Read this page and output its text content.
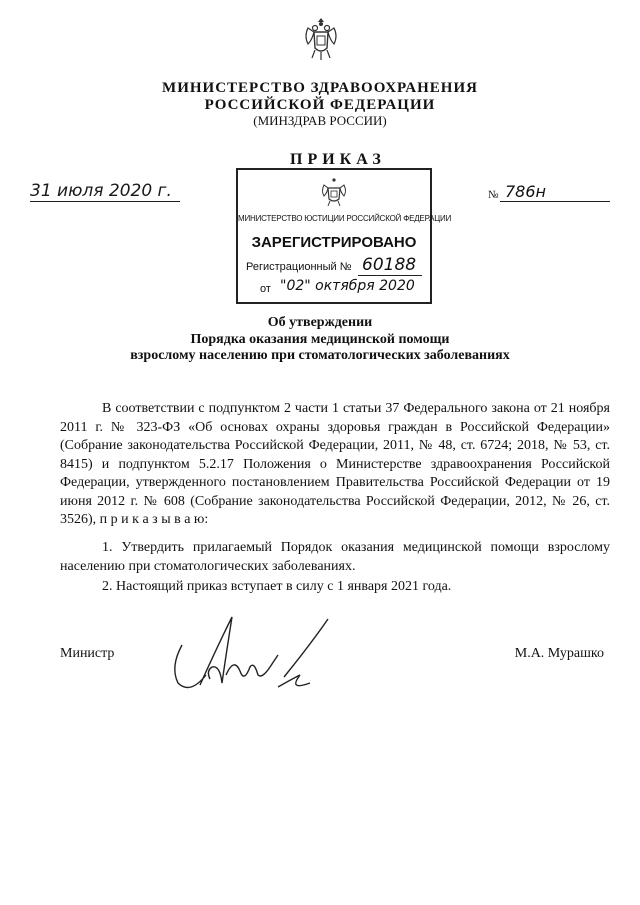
МИНИСТЕРСТВО ЗДРАВООХРАНЕНИЯ
РОССИЙСКОЙ ФЕДЕРАЦИИ
(МИНЗДРАВ РОССИИ)
ПРИКАЗ
31 июля 2020 г.	№ 786н
МИНИСТЕРСТВО ЮСТИЦИИ РОССИЙСКОЙ ФЕДЕРАЦИИ
ЗАРЕГИСТРИРОВАНО
Регистрационный № 60188
от "02" октября 2020
Об утверждении
Порядка оказания медицинской помощи
взрослому населению при стоматологических заболеваниях

В соответствии с подпунктом 2 части 1 статьи 37 Федерального закона от 21 ноября 2011 г. № 323-ФЗ «Об основах охраны здоровья граждан в Российской Федерации» (Собрание законодательства Российской Федерации, 2011, № 48, ст. 6724; 2018, № 53, ст. 8415) и подпунктом 5.2.17 Положения о Министерстве здравоохранения Российской Федерации, утвержденного постановлением Правительства Российской Федерации от 19 июня 2012 г. № 608 (Собрание законодательства Российской Федерации, 2012, № 26, ст. 3526), п р и к а з ы в а ю:

1. Утвердить прилагаемый Порядок оказания медицинской помощи взрослому населению при стоматологических заболеваниях.

2. Настоящий приказ вступает в силу с 1 января 2021 года.

Министр	М.А. Мурашко
